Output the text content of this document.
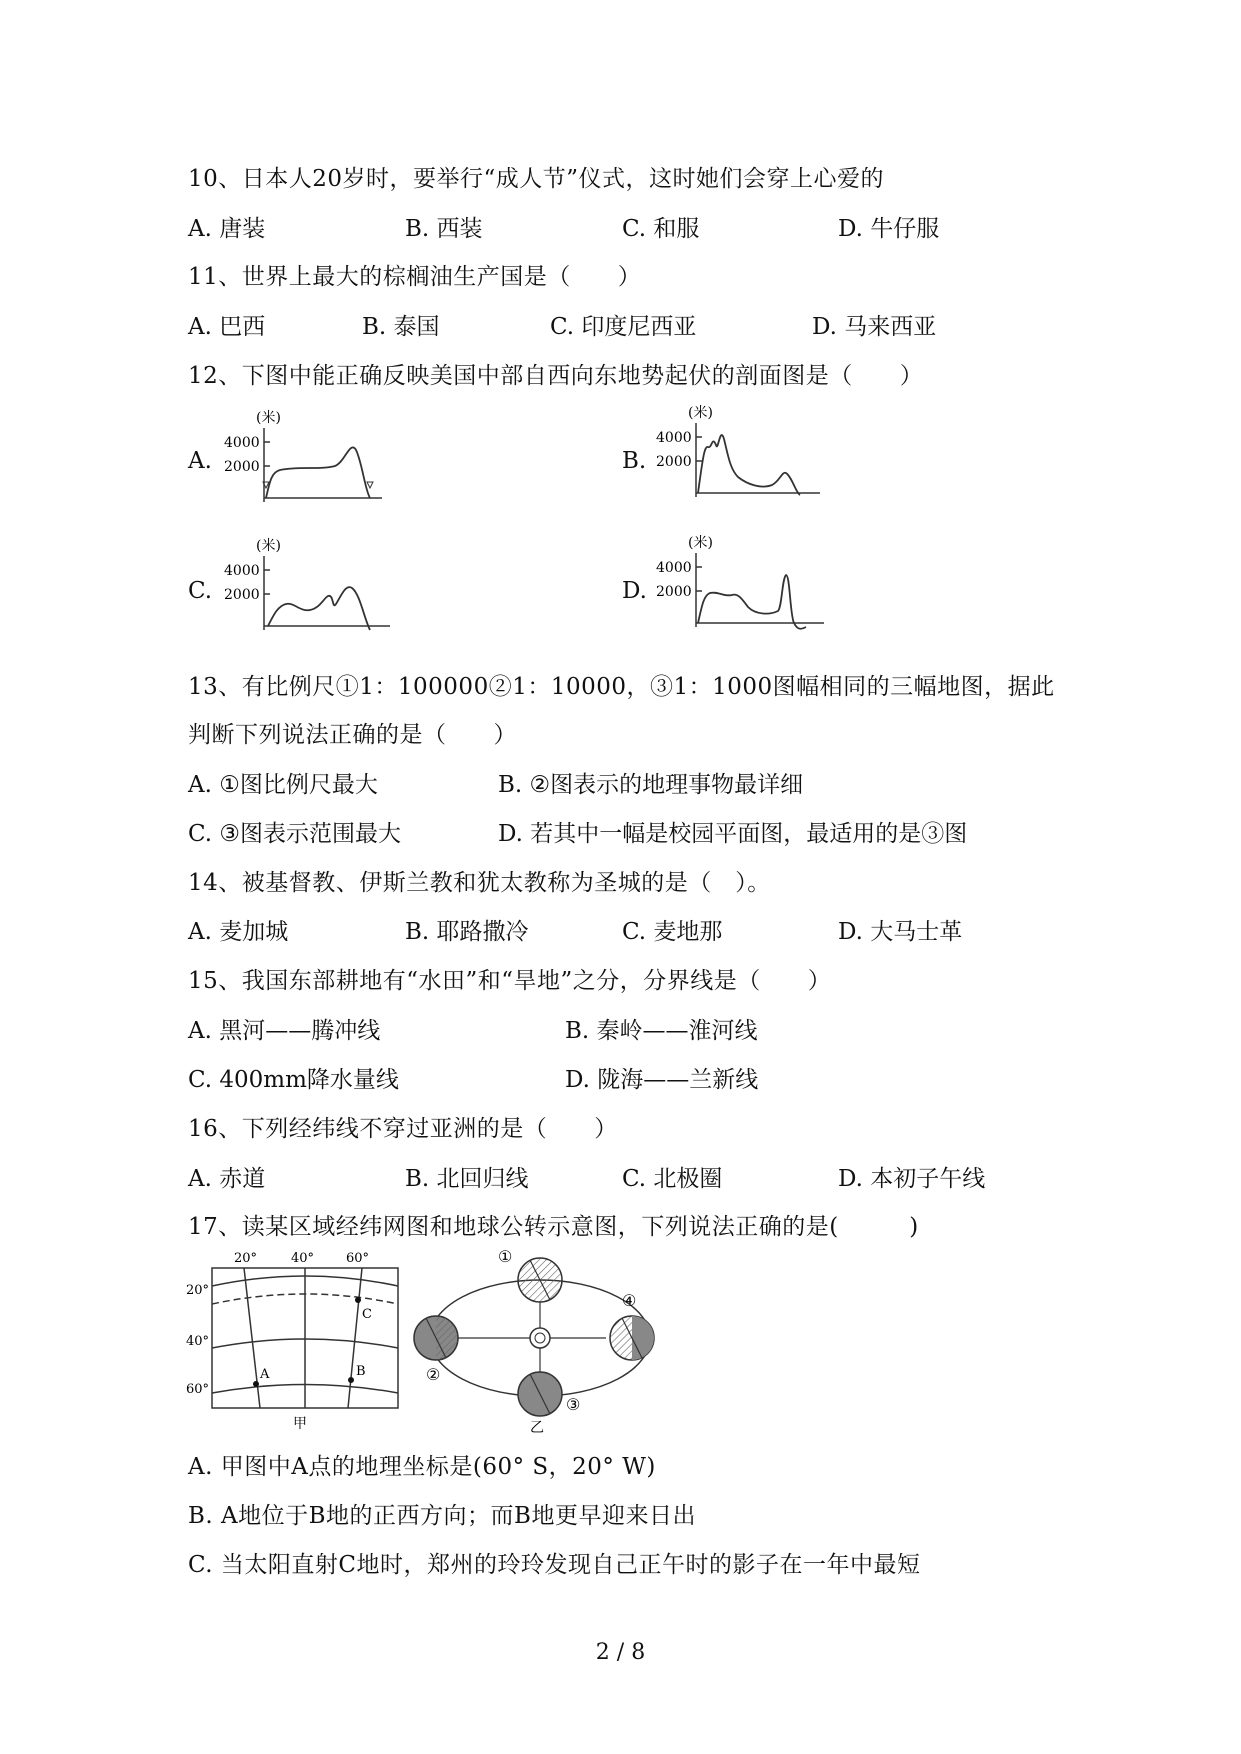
10、日本人20岁时，要举行“成人节”仪式，这时她们会穿上心爱的
A. 唐装	B. 西装	C. 和服	D. 牛仔服
11、世界上最大的棕榈油生产国是（　　）
A. 巴西	B. 泰国	C. 印度尼西亚	D. 马来西亚
12、下图中能正确反映美国中部自西向东地势起伏的剖面图是（　　）
A.
(米)
4000
2000	B.
(米)
4000
2000
C.
(米)
4000
2000	D.
(米)
4000
2000
13、有比例尺①1：100000②1：10000，③1：1000图幅相同的三幅地图，据此
判断下列说法正确的是（　　）
A. ①图比例尺最大	B. ②图表示的地理事物最详细
C. ③图表示范围最大	D. 若其中一幅是校园平面图，最适用的是③图
14、被基督教、伊斯兰教和犹太教称为圣城的是（　）。
A. 麦加城	B. 耶路撒冷	C. 麦地那	D. 大马士革
15、我国东部耕地有“水田”和“旱地”之分，分界线是（　　）
A. 黑河——腾冲线	B. 秦岭——淮河线
C. 400mm降水量线	D. 陇海——兰新线
16、下列经纬线不穿过亚洲的是（　　）
A. 赤道	B. 北回归线	C. 北极圈	D. 本初子午线
17、读某区域经纬网图和地球公转示意图，下列说法正确的是(　　　)
20°	40° 60°
20°
40°
60°
A	B
C
甲
①
②
③
④
乙
A. 甲图中A点的地理坐标是(60° S，20° W)
B. A地位于B地的正西方向；而B地更早迎来日出
C. 当太阳直射C地时，郑州的玲玲发现自己正午时的影子在一年中最短
2 / 8
